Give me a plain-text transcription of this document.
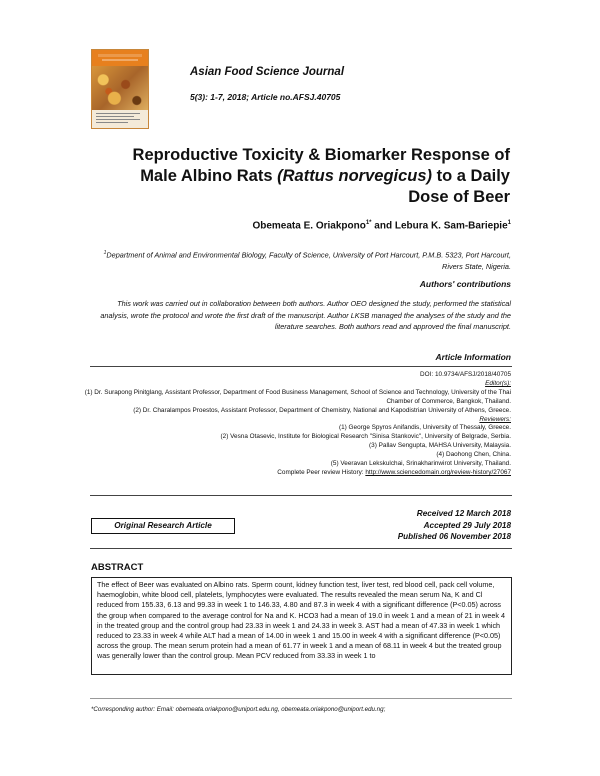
Asian Food Science Journal
5(3): 1-7, 2018; Article no.AFSJ.40705
Reproductive Toxicity & Biomarker Response of
Male Albino Rats (Rattus norvegicus) to a Daily
Dose of Beer
Obemeata E. Oriakpono$^{1*}$ and Lebura K. Sam-Bariepie$^1$
$^1$Department of Animal and Environmental Biology, Faculty of Science, University of Port Harcourt, P.M.B. 5323, Port Harcourt, Rivers State, Nigeria.
Authors' contributions
This work was carried out in collaboration between both authors. Author OEO designed the study, performed the statistical analysis, wrote the protocol and wrote the first draft of the manuscript. Author LKSB managed the analyses of the study and the literature searches. Both authors read and approved the final manuscript.
Article Information
DOI: 10.9734/AFSJ/2018/40705
Editor(s):
(1) Dr. Surapong Pinitglang, Assistant Professor, Department of Food Business Management, School of Science and Technology, University of the Thai Chamber of Commerce, Bangkok, Thailand.
(2) Dr. Charalampos Proestos, Assistant Professor, Department of Chemistry, National and Kapodistrian University of Athens, Greece.
Reviewers:
(1) George Spyros Anifandis, University of Thessaly, Greece.
(2) Vesna Otasevic, Institute for Biological Research "Sinisa Stankovic", University of Belgrade, Serbia.
(3) Pallav Sengupta, MAHSA University, Malaysia.
(4) Daohong Chen, China.
(5) Veeravan Lekskulchai, Srinakharinwirot University, Thailand.
Complete Peer review History: http://www.sciencedomain.org/review-history/27067
Received 12 March 2018
Accepted 29 July 2018
Published 06 November 2018
Original Research Article
ABSTRACT
The effect of Beer was evaluated on Albino rats. Sperm count, kidney function test, liver test, red blood cell, pack cell volume, haemoglobin, white blood cell, platelets, lymphocytes were evaluated. The results revealed the mean serum Na, K and Cl reduced from 155.33, 6.13 and 99.33 in week 1 to 146.33, 4.80 and 87.3 in week 4 with a significant difference (P<0.05) across the group when compared to the average control for Na and K. HCO3 had a mean of 19.0 in week 1 and a mean of 21 in week 4 in the treated group and the control group had 23.33 in week 1 and 24.33 in week 3. AST had a mean of 47.33 in week 1 which reduced to 23.33 in week 4 while ALT had a mean of 14.00 in week 1 and 15.00 in week 4 with a significant difference (P<0.05) across the group. The mean serum protein had a mean of 61.77 in week 1 and a mean of 68.11 in week 4 but the treated group was generally lower than the control group. Mean PCV reduced from 33.33 in week 1 to
*Corresponding author: Email: obemeata.oriakpono@uniport.edu.ng, obemeata.oriakpono@uniport.edu.ng;
